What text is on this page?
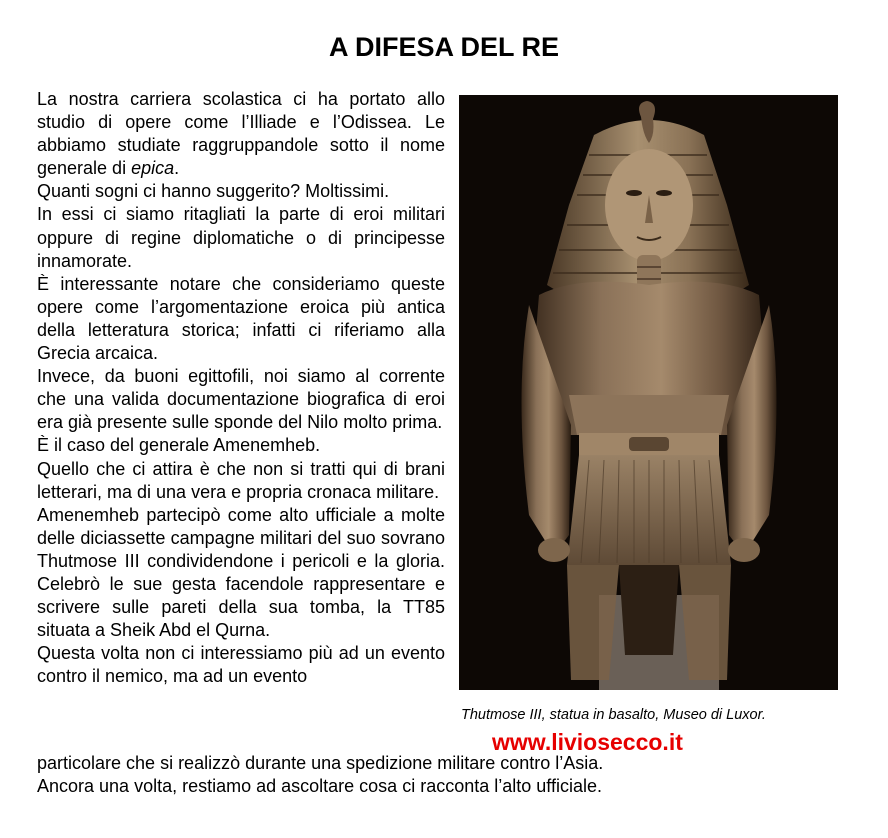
A DIFESA DEL RE

La nostra carriera scolastica ci ha portato allo studio di opere come l’Illiade e l’Odissea. Le abbiamo studiate raggruppandole sotto il nome generale di epica.

Quanti sogni ci hanno suggerito? Moltissimi.

In essi ci siamo ritagliati la parte di eroi militari oppure di regine diplomatiche o di principesse innamorate.

È interessante notare che consideriamo queste opere come l’argomentazione eroica più antica della letteratura storica; infatti ci riferiamo alla Grecia arcaica.

Invece, da buoni egittofili, noi siamo al corrente che una valida documentazione biografica di eroi era già presente sulle sponde del Nilo molto prima.

È il caso del generale Amenemheb.

Quello che ci attira è che non si tratti qui di brani letterari, ma di una vera e propria cronaca militare.

Amenemheb partecipò come alto ufficiale a molte delle diciassette campagne militari del suo sovrano Thutmose III condividendone i pericoli e la gloria. Celebrò le sue gesta facendole rappresentare e scrivere sulle pareti della sua tomba, la TT85 situata a Sheik Abd el Qurna.

Questa volta non ci interessiamo più ad un evento contro il nemico, ma ad un evento

particolare che si realizzò durante una spedizione militare contro l’Asia.

Ancora una volta, restiamo ad ascoltare cosa ci racconta l’alto ufficiale.

Thutmose III, statua in basalto, Museo di Luxor.
www.liviosecco.it
